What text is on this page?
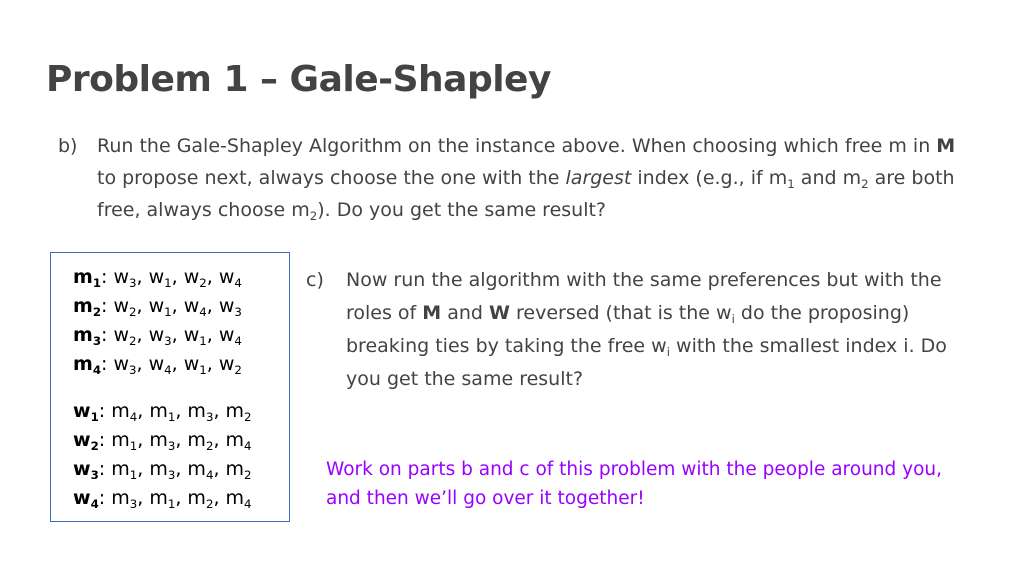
Problem 1 – Gale-Shapley
b) Run the Gale-Shapley Algorithm on the instance above. When choosing which free m in M to propose next, always choose the one with the largest index (e.g., if $m_1$ and $m_2$ are both free, always choose $m_2$). Do you get the same result?
$m_1$: $w_3$, $w_1$, $w_2$, $w_4$
$m_2$: $w_2$, $w_1$, $w_4$, $w_3$
$m_3$: $w_2$, $w_3$, $w_1$, $w_4$
$m_4$: $w_3$, $w_4$, $w_1$, $w_2$
$w_1$: $m_4$, $m_1$, $m_3$, $m_2$
$w_2$: $m_1$, $m_3$, $m_2$, $m_4$
$w_3$: $m_1$, $m_3$, $m_4$, $m_2$
$w_4$: $m_3$, $m_1$, $m_2$, $m_4$
c) Now run the algorithm with the same preferences but with the roles of M and W reversed (that is the $w_i$ do the proposing) breaking ties by taking the free $w_i$ with the smallest index i. Do you get the same result?
Work on parts b and c of this problem with the people around you, and then we’ll go over it together!
